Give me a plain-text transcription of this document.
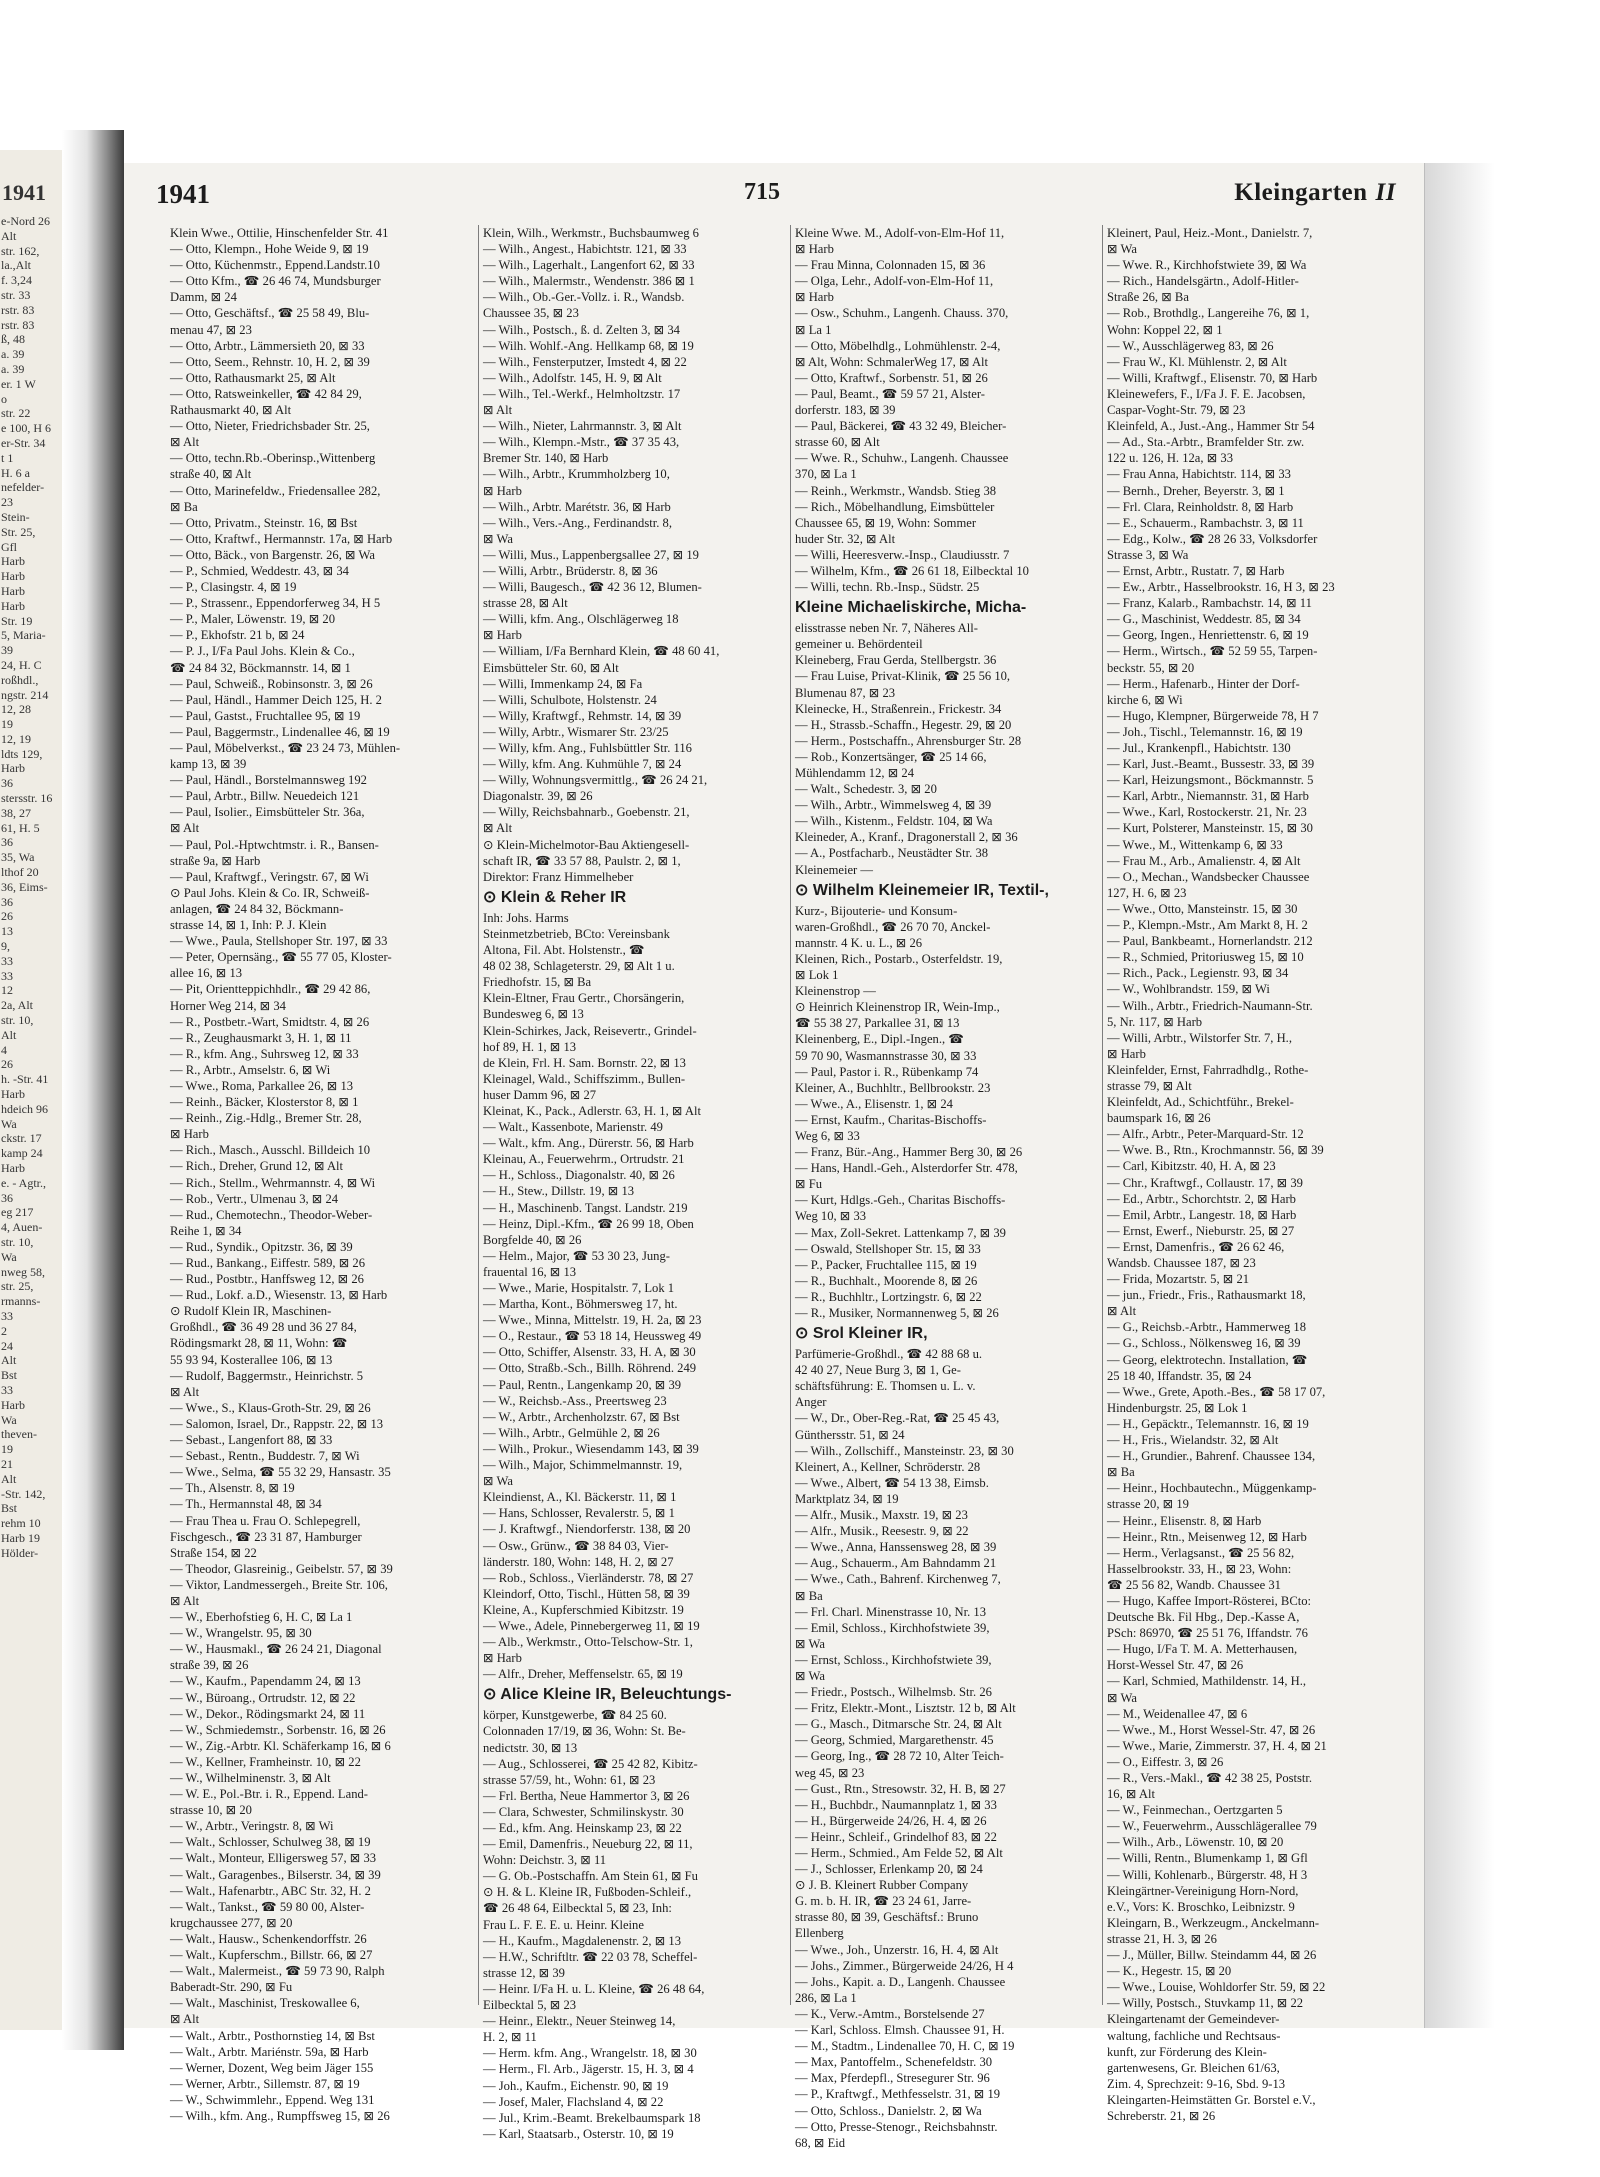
1941
e-Nord 26
Alt
str. 162,
la.,Alt
f. 3,24
str. 33
rstr. 83
rstr. 83
ß, 48
a. 39
a. 39
er. 1 W
o
str. 22
e 100, H 6
er-Str. 34
t 1
H. 6 a
nefelder-
23
Stein-
Str. 25,
Gfl
Harb
Harb
Harb
Harb
Str. 19
5, Maria-
39
24, H. C
roßhdl.,
ngstr. 214
12, 28
19
12, 19
ldts 129,
Harb
36
stersstr. 16
38, 27
61, H. 5
36
35, Wa
lthof 20
36, Eims-
36
26
13
9,
33
33
12
2a, Alt
str. 10,
Alt
4
26
h. -Str. 41
Harb
hdeich 96
Wa
ckstr. 17
kamp 24
Harb
e. - Agtr.,
36
eg 217
4, Auen-
str. 10,
Wa
nweg 58,
str. 25,
rmanns-
33
2
24
Alt
Bst
33
Harb
Wa
theven-
19
21
Alt
-Str. 142,
Bst
rehm 10
Harb 19
Hölder-
1941	715	Kleingarten II
Klein Wwe., Ottilie, Hinschenfelder Str. 41
— Otto, Klempn., Hohe Weide 9, ⊠ 19
— Otto, Küchenmstr., Eppend.Landstr.10
— Otto Kfm., ☎ 26 46 74, Mundsburger
Damm, ⊠ 24
— Otto, Geschäftsf., ☎ 25 58 49, Blu-
menau 47, ⊠ 23
— Otto, Arbtr., Lämmersieth 20, ⊠ 33
— Otto, Seem., Rehnstr. 10, H. 2, ⊠ 39
— Otto, Rathausmarkt 25, ⊠ Alt
— Otto, Ratsweinkeller, ☎ 42 84 29,
Rathausmarkt 40, ⊠ Alt
— Otto, Nieter, Friedrichsbader Str. 25,
⊠ Alt
— Otto, techn.Rb.-Oberinsp.,Wittenberg
straße 40, ⊠ Alt
— Otto, Marinefeldw., Friedensallee 282,
⊠ Ba
— Otto, Privatm., Steinstr. 16, ⊠ Bst
— Otto, Kraftwf., Hermannstr. 17a, ⊠ Harb
— Otto, Bäck., von Bargenstr. 26, ⊠ Wa
— P., Schmied, Weddestr. 43, ⊠ 34
— P., Clasingstr. 4, ⊠ 19
— P., Strassenr., Eppendorferweg 34, H 5
— P., Maler, Löwenstr. 19, ⊠ 20
— P., Ekhofstr. 21 b, ⊠ 24
— P. J., I/Fa Paul Johs. Klein & Co.,
☎ 24 84 32, Böckmannstr. 14, ⊠ 1
— Paul, Schweiß., Robinsonstr. 3, ⊠ 26
— Paul, Händl., Hammer Deich 125, H. 2
— Paul, Gastst., Fruchtallee 95, ⊠ 19
— Paul, Baggermstr., Lindenallee 46, ⊠ 19
— Paul, Möbelverkst., ☎ 23 24 73, Mühlen-
kamp 13, ⊠ 39
— Paul, Händl., Borstelmannsweg 192
— Paul, Arbtr., Billw. Neuedeich 121
— Paul, Isolier., Eimsbütteler Str. 36a,
⊠ Alt
— Paul, Pol.-Hptwchtmstr. i. R., Bansen-
straße 9a, ⊠ Harb
— Paul, Kraftwgf., Veringstr. 67, ⊠ Wi
⊙ Paul Johs. Klein & Co. IR, Schweiß-
anlagen, ☎ 24 84 32, Böckmann-
strasse 14, ⊠ 1, Inh: P. J. Klein
— Wwe., Paula, Stellshoper Str. 197, ⊠ 33
— Peter, Opernsäng., ☎ 55 77 05, Kloster-
allee 16, ⊠ 13
— Pit, Orientteppichhdlr., ☎ 29 42 86,
Horner Weg 214, ⊠ 34
— R., Postbetr.-Wart, Smidtstr. 4, ⊠ 26
— R., Zeughausmarkt 3, H. 1, ⊠ 11
— R., kfm. Ang., Suhrsweg 12, ⊠ 33
— R., Arbtr., Amselstr. 6, ⊠ Wi
— Wwe., Roma, Parkallee 26, ⊠ 13
— Reinh., Bäcker, Klosterstor 8, ⊠ 1
— Reinh., Zig.-Hdlg., Bremer Str. 28,
⊠ Harb
— Rich., Masch., Ausschl. Billdeich 10
— Rich., Dreher, Grund 12, ⊠ Alt
— Rich., Stellm., Wehrmannstr. 4, ⊠ Wi
— Rob., Vertr., Ulmenau 3, ⊠ 24
— Rud., Chemotechn., Theodor-Weber-
Reihe 1, ⊠ 34
— Rud., Syndik., Opitzstr. 36, ⊠ 39
— Rud., Bankang., Eiffestr. 589, ⊠ 26
— Rud., Postbtr., Hanffsweg 12, ⊠ 26
— Rud., Lokf. a.D., Wiesenstr. 13, ⊠ Harb
⊙ Rudolf Klein IR, Maschinen-
Großhdl., ☎ 36 49 28 und 36 27 84,
Rödingsmarkt 28, ⊠ 11, Wohn: ☎
55 93 94, Kosterallee 106, ⊠ 13
— Rudolf, Baggermstr., Heinrichstr. 5
⊠ Alt
— Wwe., S., Klaus-Groth-Str. 29, ⊠ 26
— Salomon, Israel, Dr., Rappstr. 22, ⊠ 13
— Sebast., Langenfort 88, ⊠ 33
— Sebast., Rentn., Buddestr. 7, ⊠ Wi
— Wwe., Selma, ☎ 55 32 29, Hansastr. 35
— Th., Alsenstr. 8, ⊠ 19
— Th., Hermannstal 48, ⊠ 34
— Frau Thea u. Frau O. Schlepegrell,
Fischgesch., ☎ 23 31 87, Hamburger
Straße 154, ⊠ 22
— Theodor, Glasreinig., Geibelstr. 57, ⊠ 39
— Viktor, Landmessergeh., Breite Str. 106,
⊠ Alt
— W., Eberhofstieg 6, H. C, ⊠ La 1
— W., Wrangelstr. 95, ⊠ 30
— W., Hausmakl., ☎ 26 24 21, Diagonal
straße 39, ⊠ 26
— W., Kaufm., Papendamm 24, ⊠ 13
— W., Büroang., Ortrudstr. 12, ⊠ 22
— W., Dekor., Rödingsmarkt 24, ⊠ 11
— W., Schmiedemstr., Sorbenstr. 16, ⊠ 26
— W., Zig.-Arbtr. Kl. Schäferkamp 16, ⊠ 6
— W., Kellner, Framheinstr. 10, ⊠ 22
— W., Wilhelminenstr. 3, ⊠ Alt
— W. E., Pol.-Btr. i. R., Eppend. Land-
strasse 10, ⊠ 20
— W., Arbtr., Veringstr. 8, ⊠ Wi
— Walt., Schlosser, Schulweg 38, ⊠ 19
— Walt., Monteur, Elligersweg 57, ⊠ 33
— Walt., Garagenbes., Bilserstr. 34, ⊠ 39
— Walt., Hafenarbtr., ABC Str. 32, H. 2
— Walt., Tankst., ☎ 59 80 00, Alster-
krugchaussee 277, ⊠ 20
— Walt., Hausw., Schenkendorffstr. 26
— Walt., Kupferschm., Billstr. 66, ⊠ 27
— Walt., Malermeist., ☎ 59 73 90, Ralph
Baberadt-Str. 290, ⊠ Fu
— Walt., Maschinist, Treskowallee 6,
⊠ Alt
— Walt., Arbtr., Posthornstieg 14, ⊠ Bst
— Walt., Arbtr. Mariénstr. 59a, ⊠ Harb
— Werner, Dozent, Weg beim Jäger 155
— Werner, Arbtr., Sillemstr. 87, ⊠ 19
— W., Schwimmlehr., Eppend. Weg 131
— Wilh., kfm. Ang., Rumpffsweg 15, ⊠ 26
Klein, Wilh., Werkmstr., Buchsbaumweg 6
— Wilh., Angest., Habichtstr. 121, ⊠ 33
— Wilh., Lagerhalt., Langenfort 62, ⊠ 33
— Wilh., Malermstr., Wendenstr. 386 ⊠ 1
— Wilh., Ob.-Ger.-Vollz. i. R., Wandsb.
Chaussee 35, ⊠ 23
— Wilh., Postsch., ß. d. Zelten 3, ⊠ 34
— Wilh. Wohlf.-Ang. Hellkamp 68, ⊠ 19
— Wilh., Fensterputzer, Imstedt 4, ⊠ 22
— Wilh., Adolfstr. 145, H. 9, ⊠ Alt
— Wilh., Tel.-Werkf., Helmholtzstr. 17
⊠ Alt
— Wilh., Nieter, Lahrmannstr. 3, ⊠ Alt
— Wilh., Klempn.-Mstr., ☎ 37 35 43,
Bremer Str. 140, ⊠ Harb
— Wilh., Arbtr., Krummholzberg 10,
⊠ Harb
— Wilh., Arbtr. Marétstr. 36, ⊠ Harb
— Wilh., Vers.-Ang., Ferdinandstr. 8,
⊠ Wa
— Willi, Mus., Lappenbergsallee 27, ⊠ 19
— Willi, Arbtr., Brüderstr. 8, ⊠ 36
— Willi, Baugesch., ☎ 42 36 12, Blumen-
strasse 28, ⊠ Alt
— Willi, kfm. Ang., Olschlägerweg 18
⊠ Harb
— William, I/Fa Bernhard Klein, ☎ 48 60 41,
Eimsbütteler Str. 60, ⊠ Alt
— Willi, Immenkamp 24, ⊠ Fa
— Willi, Schulbote, Holstenstr. 24
— Willy, Kraftwgf., Rehmstr. 14, ⊠ 39
— Willy, Arbtr., Wismarer Str. 23/25
— Willy, kfm. Ang., Fuhlsbüttler Str. 116
— Willy, kfm. Ang. Kuhmühle 7, ⊠ 24
— Willy, Wohnungsvermittlg., ☎ 26 24 21,
Diagonalstr. 39, ⊠ 26
— Willy, Reichsbahnarb., Goebenstr. 21,
⊠ Alt
⊙ Klein-Michelmotor-Bau Aktiengesell-
schaft IR, ☎ 33 57 88, Paulstr. 2, ⊠ 1,
Direktor: Franz Himmelheber
⊙ Klein & Reher IR
Inh: Johs. Harms
Steinmetzbetrieb, BCto: Vereinsbank
Altona, Fil. Abt. Holstenstr., ☎
48 02 38, Schlageterstr. 29, ⊠ Alt 1 u.
Friedhofstr. 15, ⊠ Ba
Klein-Eltner, Frau Gertr., Chorsängerin,
Bundesweg 6, ⊠ 13
Klein-Schirkes, Jack, Reisevertr., Grindel-
hof 89, H. 1, ⊠ 13
de Klein, Frl. H. Sam. Bornstr. 22, ⊠ 13
Kleinagel, Wald., Schiffszimm., Bullen-
huser Damm 96, ⊠ 27
Kleinat, K., Pack., Adlerstr. 63, H. 1, ⊠ Alt
— Walt., Kassenbote, Marienstr. 49
— Walt., kfm. Ang., Dürerstr. 56, ⊠ Harb
Kleinau, A., Feuerwehrm., Ortrudstr. 21
— H., Schloss., Diagonalstr. 40, ⊠ 26
— H., Stew., Dillstr. 19, ⊠ 13
— H., Maschinenb. Tangst. Landstr. 219
— Heinz, Dipl.-Kfm., ☎ 26 99 18, Oben
Borgfelde 40, ⊠ 26
— Helm., Major, ☎ 53 30 23, Jung-
frauental 16, ⊠ 13
— Wwe., Marie, Hospitalstr. 7, Lok 1
— Martha, Kont., Böhmersweg 17, ht.
— Wwe., Minna, Mittelstr. 19, H. 2a, ⊠ 23
— O., Restaur., ☎ 53 18 14, Heussweg 49
— Otto, Schiffer, Alsenstr. 33, H. A, ⊠ 30
— Otto, Straßb.-Sch., Billh. Röhrend. 249
— Paul, Rentn., Langenkamp 20, ⊠ 39
— W., Reichsb.-Ass., Preertsweg 23
— W., Arbtr., Archenholzstr. 67, ⊠ Bst
— Wilh., Arbtr., Gelmühle 2, ⊠ 26
— Wilh., Prokur., Wiesendamm 143, ⊠ 39
— Wilh., Major, Schimmelmannstr. 19,
⊠ Wa
Kleindienst, A., Kl. Bäckerstr. 11, ⊠ 1
— Hans, Schlosser, Revalerstr. 5, ⊠ 1
— J. Kraftwgf., Niendorferstr. 138, ⊠ 20
— Osw., Grünw., ☎ 38 84 03, Vier-
länderstr. 180, Wohn: 148, H. 2, ⊠ 27
— Rob., Schloss., Vierländerstr. 78, ⊠ 27
Kleindorf, Otto, Tischl., Hütten 58, ⊠ 39
Kleine, A., Kupferschmied Kibitzstr. 19
— Wwe., Adele, Pinnebergerweg 11, ⊠ 19
— Alb., Werkmstr., Otto-Telschow-Str. 1,
⊠ Harb
— Alfr., Dreher, Meffenselstr. 65, ⊠ 19
⊙ Alice Kleine IR, Beleuchtungs-
körper, Kunstgewerbe, ☎ 84 25 60.
Colonnaden 17/19, ⊠ 36, Wohn: St. Be-
nedictstr. 30, ⊠ 13
— Aug., Schlosserei, ☎ 25 42 82, Kibitz-
strasse 57/59, ht., Wohn: 61, ⊠ 23
— Frl. Bertha, Neue Hammertor 3, ⊠ 26
— Clara, Schwester, Schmilinskystr. 30
— Ed., kfm. Ang. Heinskamp 23, ⊠ 22
— Emil, Damenfris., Neueburg 22, ⊠ 11,
Wohn: Deichstr. 3, ⊠ 11
— G. Ob.-Postschaffn. Am Stein 61, ⊠ Fu
⊙ H. & L. Kleine IR, Fußboden-Schleif.,
☎ 26 48 64, Eilbecktal 5, ⊠ 23, Inh:
Frau L. F. E. E. u. Heinr. Kleine
— H., Kaufm., Magdalenenstr. 2, ⊠ 13
— H.W., Schriftltr. ☎ 22 03 78, Scheffel-
strasse 12, ⊠ 39
— Heinr. I/Fa H. u. L. Kleine, ☎ 26 48 64,
Eilbecktal 5, ⊠ 23
— Heinr., Elektr., Neuer Steinweg 14,
H. 2, ⊠ 11
— Herm. kfm. Ang., Wrangelstr. 18, ⊠ 30
— Herm., Fl. Arb., Jägerstr. 15, H. 3, ⊠ 4
— Joh., Kaufm., Eichenstr. 90, ⊠ 19
— Josef, Maler, Flachsland 4, ⊠ 22
— Jul., Krim.-Beamt. Brekelbaumspark 18
— Karl, Staatsarb., Osterstr. 10, ⊠ 19
Kleine Wwe. M., Adolf-von-Elm-Hof 11,
⊠ Harb
— Frau Minna, Colonnaden 15, ⊠ 36
— Olga, Lehr., Adolf-von-Elm-Hof 11,
⊠ Harb
— Osw., Schuhm., Langenh. Chauss. 370,
⊠ La 1
— Otto, Möbelhdlg., Lohmühlenstr. 2-4,
⊠ Alt, Wohn: SchmalerWeg 17, ⊠ Alt
— Otto, Kraftwf., Sorbenstr. 51, ⊠ 26
— Paul, Beamt., ☎ 59 57 21, Alster-
dorferstr. 183, ⊠ 39
— Paul, Bäckerei, ☎ 43 32 49, Bleicher-
strasse 60, ⊠ Alt
— Wwe. R., Schuhw., Langenh. Chaussee
370, ⊠ La 1
— Reinh., Werkmstr., Wandsb. Stieg 38
— Rich., Möbelhandlung, Eimsbütteler
Chaussee 65, ⊠ 19, Wohn: Sommer
huder Str. 32, ⊠ Alt
— Willi, Heeresverw.-Insp., Claudiusstr. 7
— Wilhelm, Kfm., ☎ 26 61 18, Eilbecktal 10
— Willi, techn. Rb.-Insp., Südstr. 25
Kleine Michaeliskirche, Micha-
elisstrasse neben Nr. 7, Näheres All-
gemeiner u. Behördenteil
Kleineberg, Frau Gerda, Stellbergstr. 36
— Frau Luise, Privat-Klinik, ☎ 25 56 10,
Blumenau 87, ⊠ 23
Kleinecke, H., Straßenrein., Frickestr. 34
— H., Strassb.-Schaffn., Hegestr. 29, ⊠ 20
— Herm., Postschaffn., Ahrensburger Str. 28
— Rob., Konzertsänger, ☎ 25 14 66,
Mühlendamm 12, ⊠ 24
— Walt., Schedestr. 3, ⊠ 20
— Wilh., Arbtr., Wimmelsweg 4, ⊠ 39
— Wilh., Kistenm., Feldstr. 104, ⊠ Wa
Kleineder, A., Kranf., Dragonerstall 2, ⊠ 36
— A., Postfacharb., Neustädter Str. 38
Kleinemeier —
⊙ Wilhelm Kleinemeier IR, Textil-,
Kurz-, Bijouterie- und Konsum-
waren-Großhdl., ☎ 26 70 70, Anckel-
mannstr. 4 K. u. L., ⊠ 26
Kleinen, Rich., Postarb., Osterfeldstr. 19,
⊠ Lok 1
Kleinenstrop —
⊙ Heinrich Kleinenstrop IR, Wein-Imp.,
☎ 55 38 27, Parkallee 31, ⊠ 13
Kleinenberg, E., Dipl.-Ingen., ☎
59 70 90, Wasmannstrasse 30, ⊠ 33
— Paul, Pastor i. R., Rübenkamp 74
Kleiner, A., Buchhltr., Bellbrookstr. 23
— Wwe., A., Elisenstr. 1, ⊠ 24
— Ernst, Kaufm., Charitas-Bischoffs-
Weg 6, ⊠ 33
— Franz, Bür.-Ang., Hammer Berg 30, ⊠ 26
— Hans, Handl.-Geh., Alsterdorfer Str. 478,
⊠ Fu
— Kurt, Hdlgs.-Geh., Charitas Bischoffs-
Weg 10, ⊠ 33
— Max, Zoll-Sekret. Lattenkamp 7, ⊠ 39
— Oswald, Stellshoper Str. 15, ⊠ 33
— P., Packer, Fruchtallee 115, ⊠ 19
— R., Buchhalt., Moorende 8, ⊠ 26
— R., Buchhltr., Lortzingstr. 6, ⊠ 22
— R., Musiker, Normannenweg 5, ⊠ 26
⊙ Srol Kleiner IR,
Parfümerie-Großhdl., ☎ 42 88 68 u.
42 40 27, Neue Burg 3, ⊠ 1, Ge-
schäftsführung: E. Thomsen u. L. v.
Anger
— W., Dr., Ober-Reg.-Rat, ☎ 25 45 43,
Günthersstr. 51, ⊠ 24
— Wilh., Zollschiff., Mansteinstr. 23, ⊠ 30
Kleinert, A., Kellner, Schröderstr. 28
— Wwe., Albert, ☎ 54 13 38, Eimsb.
Marktplatz 34, ⊠ 19
— Alfr., Musik., Maxstr. 19, ⊠ 23
— Alfr., Musik., Reesestr. 9, ⊠ 22
— Wwe., Anna, Hanssensweg 28, ⊠ 39
— Aug., Schauerm., Am Bahndamm 21
— Wwe., Cath., Bahrenf. Kirchenweg 7,
⊠ Ba
— Frl. Charl. Minenstrasse 10, Nr. 13
— Emil, Schloss., Kirchhofstwiete 39,
⊠ Wa
— Ernst, Schloss., Kirchhofstwiete 39,
⊠ Wa
— Friedr., Postsch., Wilhelmsb. Str. 26
— Fritz, Elektr.-Mont., Lisztstr. 12 b, ⊠ Alt
— G., Masch., Ditmarsche Str. 24, ⊠ Alt
— Georg, Schmied, Margarethenstr. 45
— Georg, Ing., ☎ 28 72 10, Alter Teich-
weg 45, ⊠ 23
— Gust., Rtn., Stresowstr. 32, H. B, ⊠ 27
— H., Buchbdr., Naumannplatz 1, ⊠ 33
— H., Bürgerweide 24/26, H. 4, ⊠ 26
— Heinr., Schleif., Grindelhof 83, ⊠ 22
— Herm., Schmied., Am Felde 52, ⊠ Alt
— J., Schlosser, Erlenkamp 20, ⊠ 24
⊙ J. B. Kleinert Rubber Company
G. m. b. H. IR, ☎ 23 24 61, Jarre-
strasse 80, ⊠ 39, Geschäftsf.: Bruno
Ellenberg
— Wwe., Joh., Unzerstr. 16, H. 4, ⊠ Alt
— Johs., Zimmer., Bürgerweide 24/26, H 4
— Johs., Kapit. a. D., Langenh. Chaussee
286, ⊠ La 1
— K., Verw.-Amtm., Borstelsende 27
— Karl, Schloss. Elmsh. Chaussee 91, H.
— M., Stadtm., Lindenallee 70, H. C, ⊠ 19
— Max, Pantoffelm., Schenefeldstr. 30
— Max, Pferdepfl., Stresegurer Str. 96
— P., Kraftwgf., Methfesselstr. 31, ⊠ 19
— Otto, Schloss., Danielstr. 2, ⊠ Wa
— Otto, Presse-Stenogr., Reichsbahnstr.
68, ⊠ Eid
Kleinert, Paul, Heiz.-Mont., Danielstr. 7,
⊠ Wa
— Wwe. R., Kirchhofstwiete 39, ⊠ Wa
— Rich., Handelsgärtn., Adolf-Hitler-
Straße 26, ⊠ Ba
— Rob., Brothdlg., Langereihe 76, ⊠ 1,
Wohn: Koppel 22, ⊠ 1
— W., Ausschlägerweg 83, ⊠ 26
— Frau W., Kl. Mühlenstr. 2, ⊠ Alt
— Willi, Kraftwgf., Elisenstr. 70, ⊠ Harb
Kleinewefers, F., I/Fa J. F. E. Jacobsen,
Caspar-Voght-Str. 79, ⊠ 23
Kleinfeld, A., Just.-Ang., Hammer Str 54
— Ad., Sta.-Arbtr., Bramfelder Str. zw.
122 u. 126, H. 12a, ⊠ 33
— Frau Anna, Habichtstr. 114, ⊠ 33
— Bernh., Dreher, Beyerstr. 3, ⊠ 1
— Frl. Clara, Reinholdstr. 8, ⊠ Harb
— E., Schauerm., Rambachstr. 3, ⊠ 11
— Edg., Kolw., ☎ 28 26 33, Volksdorfer
Strasse 3, ⊠ Wa
— Ernst, Arbtr., Rustatr. 7, ⊠ Harb
— Ew., Arbtr., Hasselbrookstr. 16, H 3, ⊠ 23
— Franz, Kalarb., Rambachstr. 14, ⊠ 11
— G., Maschinist, Weddestr. 85, ⊠ 34
— Georg, Ingen., Henriettenstr. 6, ⊠ 19
— Herm., Wirtsch., ☎ 52 59 55, Tarpen-
beckstr. 55, ⊠ 20
— Herm., Hafenarb., Hinter der Dorf-
kirche 6, ⊠ Wi
— Hugo, Klempner, Bürgerweide 78, H 7
— Joh., Tischl., Telemannstr. 16, ⊠ 19
— Jul., Krankenpfl., Habichtstr. 130
— Karl, Just.-Beamt., Bussestr. 33, ⊠ 39
— Karl, Heizungsmont., Böckmannstr. 5
— Karl, Arbtr., Niemannstr. 31, ⊠ Harb
— Wwe., Karl, Rostockerstr. 21, Nr. 23
— Kurt, Polsterer, Mansteinstr. 15, ⊠ 30
— Wwe., M., Wittenkamp 6, ⊠ 33
— Frau M., Arb., Amalienstr. 4, ⊠ Alt
— O., Mechan., Wandsbecker Chaussee
127, H. 6, ⊠ 23
— Wwe., Otto, Mansteinstr. 15, ⊠ 30
— P., Klempn.-Mstr., Am Markt 8, H. 2
— Paul, Bankbeamt., Hornerlandstr. 212
— R., Schmied, Pritoriusweg 15, ⊠ 10
— Rich., Pack., Legienstr. 93, ⊠ 34
— W., Wohlbrandstr. 159, ⊠ Wi
— Wilh., Arbtr., Friedrich-Naumann-Str.
5, Nr. 117, ⊠ Harb
— Willi, Arbtr., Wilstorfer Str. 7, H.,
⊠ Harb
Kleinfelder, Ernst, Fahrradhdlg., Rothe-
strasse 79, ⊠ Alt
Kleinfeldt, Ad., Schichtführ., Brekel-
baumspark 16, ⊠ 26
— Alfr., Arbtr., Peter-Marquard-Str. 12
— Wwe. B., Rtn., Krochmannstr. 56, ⊠ 39
— Carl, Kibitzstr. 40, H. A, ⊠ 23
— Chr., Kraftwgf., Collaustr. 17, ⊠ 39
— Ed., Arbtr., Schorchtstr. 2, ⊠ Harb
— Emil, Arbtr., Langestr. 18, ⊠ Harb
— Ernst, Ewerf., Nieburstr. 25, ⊠ 27
— Ernst, Damenfris., ☎ 26 62 46,
Wandsb. Chaussee 187, ⊠ 23
— Frida, Mozartstr. 5, ⊠ 21
— jun., Friedr., Fris., Rathausmarkt 18,
⊠ Alt
— G., Reichsb.-Arbtr., Hammerweg 18
— G., Schloss., Nölkensweg 16, ⊠ 39
— Georg, elektrotechn. Installation, ☎
25 18 40, Iffandstr. 35, ⊠ 24
— Wwe., Grete, Apoth.-Bes., ☎ 58 17 07,
Hindenburgstr. 25, ⊠ Lok 1
— H., Gepäcktr., Telemannstr. 16, ⊠ 19
— H., Fris., Wielandstr. 32, ⊠ Alt
— H., Grundier., Bahrenf. Chaussee 134,
⊠ Ba
— Heinr., Hochbautechn., Müggenkamp-
strasse 20, ⊠ 19
— Heinr., Elisenstr. 8, ⊠ Harb
— Heinr., Rtn., Meisenweg 12, ⊠ Harb
— Herm., Verlagsanst., ☎ 25 56 82,
Hasselbrookstr. 33, H., ⊠ 23, Wohn:
☎ 25 56 82, Wandb. Chaussee 31
— Hugo, Kaffee Import-Rösterei, BCto:
Deutsche Bk. Fil Hbg., Dep.-Kasse A,
PSch: 86970, ☎ 25 51 76, Iffandstr. 76
— Hugo, I/Fa T. M. A. Metterhausen,
Horst-Wessel Str. 47, ⊠ 26
— Karl, Schmied, Mathildenstr. 14, H.,
⊠ Wa
— M., Weidenallee 47, ⊠ 6
— Wwe., M., Horst Wessel-Str. 47, ⊠ 26
— Wwe., Marie, Zimmerstr. 37, H. 4, ⊠ 21
— O., Eiffestr. 3, ⊠ 26
— R., Vers.-Makl., ☎ 42 38 25, Poststr.
16, ⊠ Alt
— W., Feinmechan., Oertzgarten 5
— W., Feuerwehrm., Ausschlägerallee 79
— Wilh., Arb., Löwenstr. 10, ⊠ 20
— Willi, Rentn., Blumenkamp 1, ⊠ Gfl
— Willi, Kohlenarb., Bürgerstr. 48, H 3
Kleingärtner-Vereinigung Horn-Nord,
e.V., Vors: K. Broschko, Leibnizstr. 9
Kleingarn, B., Werkzeugm., Anckelmann-
strasse 21, H. 3, ⊠ 26
— J., Müller, Billw. Steindamm 44, ⊠ 26
— K., Hegestr. 15, ⊠ 20
— Wwe., Louise, Wohldorfer Str. 59, ⊠ 22
— Willy, Postsch., Stuvkamp 11, ⊠ 22
Kleingartenamt der Gemeindever-
waltung, fachliche und Rechtsaus-
kunft, zur Förderung des Klein-
gartenwesens, Gr. Bleichen 61/63,
Zim. 4, Sprechzeit: 9-16, Sbd. 9-13
Kleingarten-Heimstätten Gr. Borstel e.V.,
Schreberstr. 21, ⊠ 26
